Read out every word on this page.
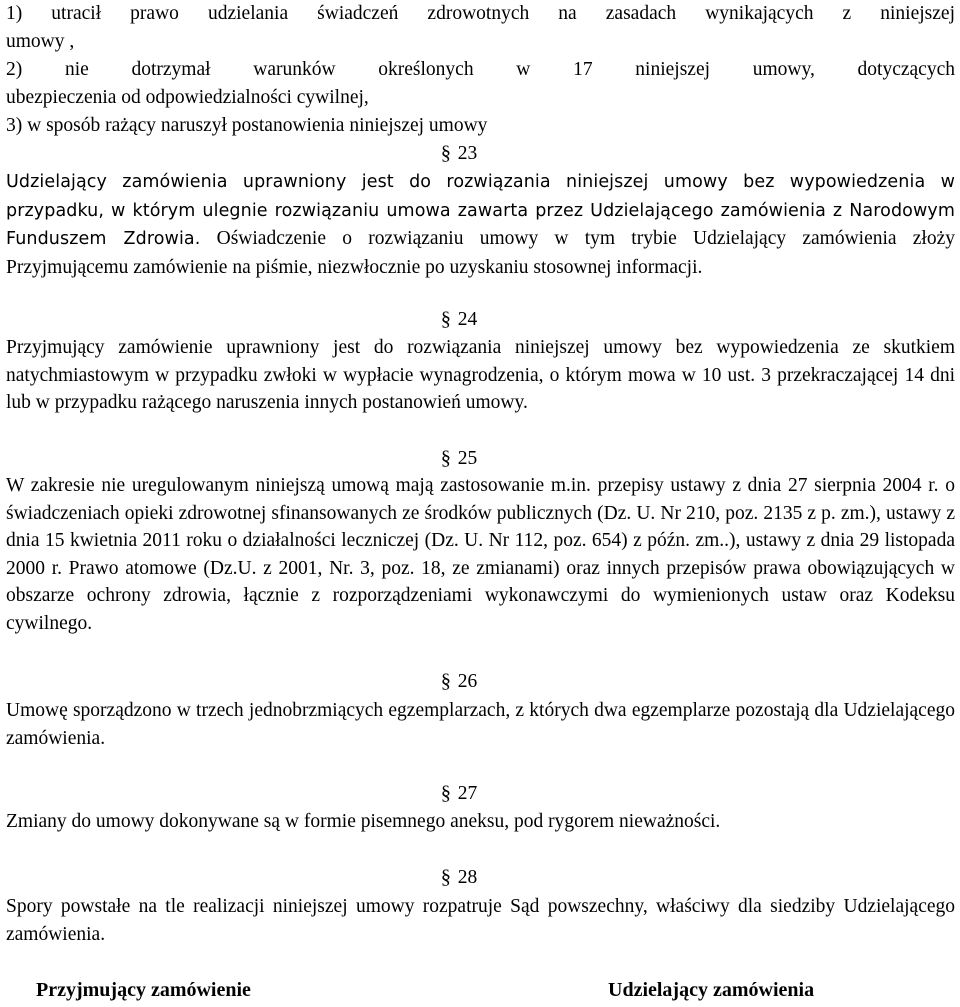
1) utracił prawo udzielania świadczeń zdrowotnych na zasadach wynikających z niniejszej

umowy ,

2) nie dotrzymał warunków określonych w 17 niniejszej umowy, dotyczących

ubezpieczenia od odpowiedzialności cywilnej,

3) w sposób rażący naruszył postanowienia niniejszej umowy

§ 23

Udzielający zamówienia uprawniony jest do rozwiązania niniejszej umowy bez wypowiedzenia w przypadku, w którym ulegnie rozwiązaniu umowa zawarta przez Udzielającego zamówienia z Narodowym Funduszem Zdrowia. Oświadczenie o rozwiązaniu umowy w tym trybie Udzielający zamówienia złoży Przyjmującemu zamówienie na piśmie, niezwłocznie po uzyskaniu stosownej informacji.

§ 24

Przyjmujący zamówienie uprawniony jest do rozwiązania niniejszej umowy bez wypowiedzenia ze skutkiem natychmiastowym w przypadku zwłoki w wypłacie wynagrodzenia, o którym mowa w 10 ust. 3 przekraczającej 14 dni lub w przypadku rażącego naruszenia innych postanowień umowy.

§ 25

W zakresie nie uregulowanym niniejszą umową mają zastosowanie m.in. przepisy ustawy z dnia 27 sierpnia 2004 r. o świadczeniach opieki zdrowotnej sfinansowanych ze środków publicznych (Dz. U. Nr 210, poz. 2135 z p. zm.), ustawy z dnia 15 kwietnia 2011 roku o działalności leczniczej (Dz. U. Nr 112, poz. 654) z późn. zm..), ustawy z dnia 29 listopada 2000 r. Prawo atomowe (Dz.U. z 2001, Nr. 3, poz. 18, ze zmianami) oraz innych przepisów prawa obowiązujących w obszarze ochrony zdrowia, łącznie z rozporządzeniami wykonawczymi do wymienionych ustaw oraz Kodeksu cywilnego.

§ 26

Umowę sporządzono w trzech jednobrzmiących egzemplarzach, z których dwa egzemplarze pozostają dla Udzielającego zamówienia.

§ 27

Zmiany do umowy dokonywane są w formie pisemnego aneksu, pod rygorem nieważności.

§ 28

Spory powstałe na tle realizacji niniejszej umowy rozpatruje Sąd powszechny, właściwy dla siedziby Udzielającego zamówienia.

Przyjmujący zamówienie	Udzielający zamówienia
